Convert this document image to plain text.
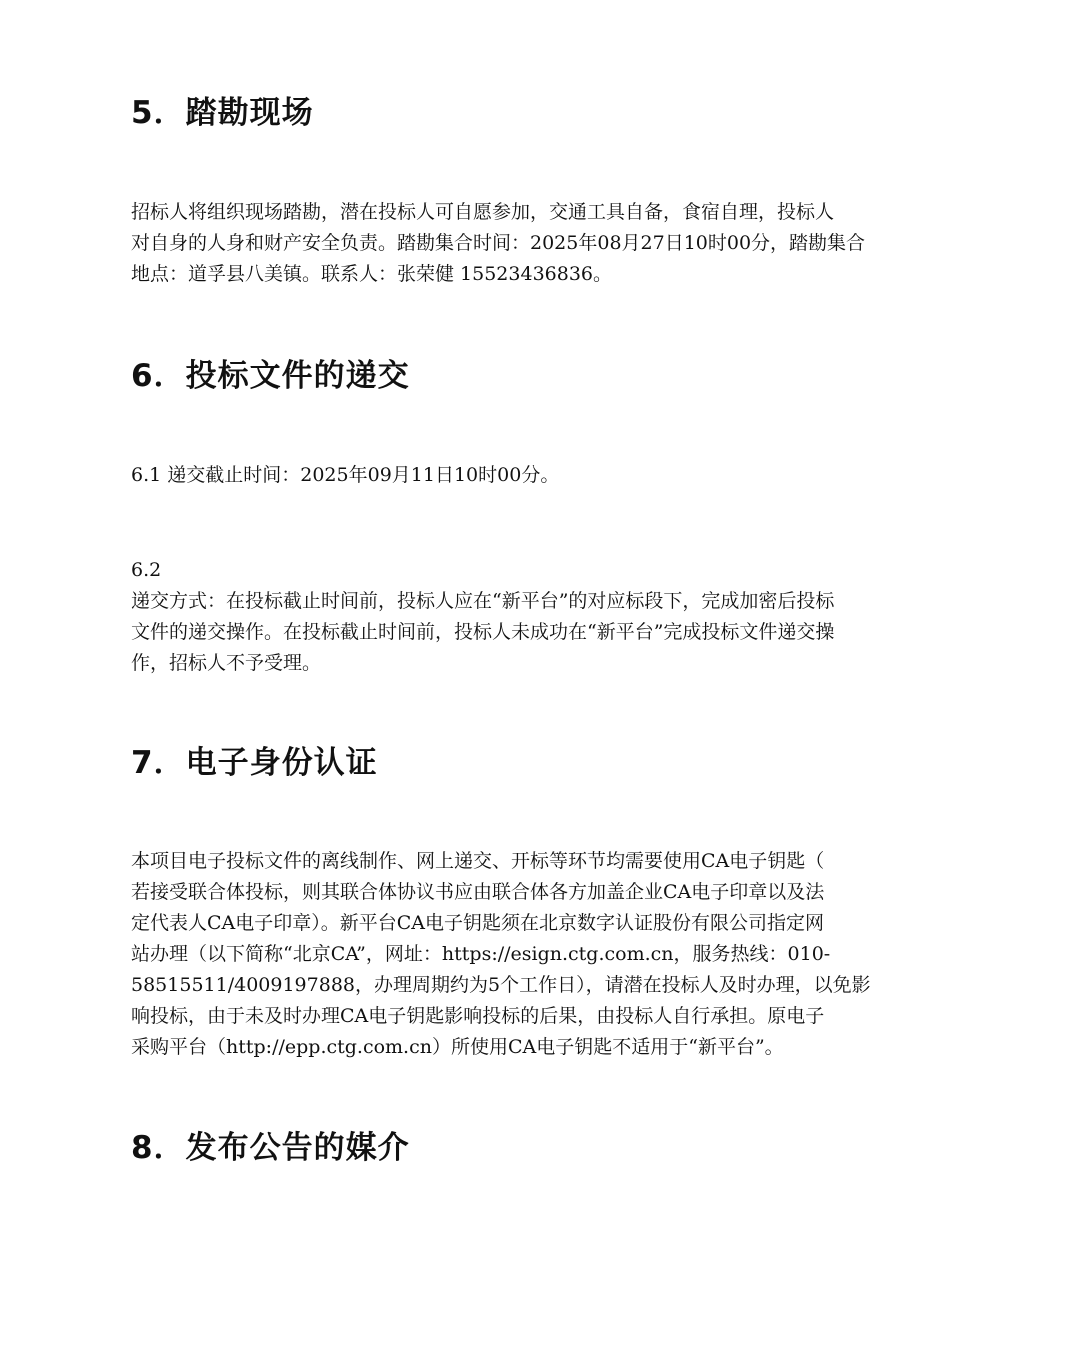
5．踏勘现场
招标人将组织现场踏勘，潜在投标人可自愿参加，交通工具自备，食宿自理，投标人
对自身的人身和财产安全负责。踏勘集合时间：2025年08月27日10时00分，踏勘集合
地点：道孚县八美镇。联系人：张荣健 15523436836。
6．投标文件的递交
6.1 递交截止时间：2025年09月11日10时00分。
6.2
递交方式：在投标截止时间前，投标人应在“新平台”的对应标段下，完成加密后投标
文件的递交操作。在投标截止时间前，投标人未成功在“新平台”完成投标文件递交操
作，招标人不予受理。
7．电子身份认证
本项目电子投标文件的离线制作、网上递交、开标等环节均需要使用CA电子钥匙（
若接受联合体投标，则其联合体协议书应由联合体各方加盖企业CA电子印章以及法
定代表人CA电子印章）。新平台CA电子钥匙须在北京数字认证股份有限公司指定网
站办理（以下简称“北京CA”，网址：https://esign.ctg.com.cn，服务热线：010-
58515511/4009197888，办理周期约为5个工作日），请潜在投标人及时办理，以免影
响投标，由于未及时办理CA电子钥匙影响投标的后果，由投标人自行承担。原电子
采购平台（http://epp.ctg.com.cn）所使用CA电子钥匙不适用于“新平台”。
8．发布公告的媒介
